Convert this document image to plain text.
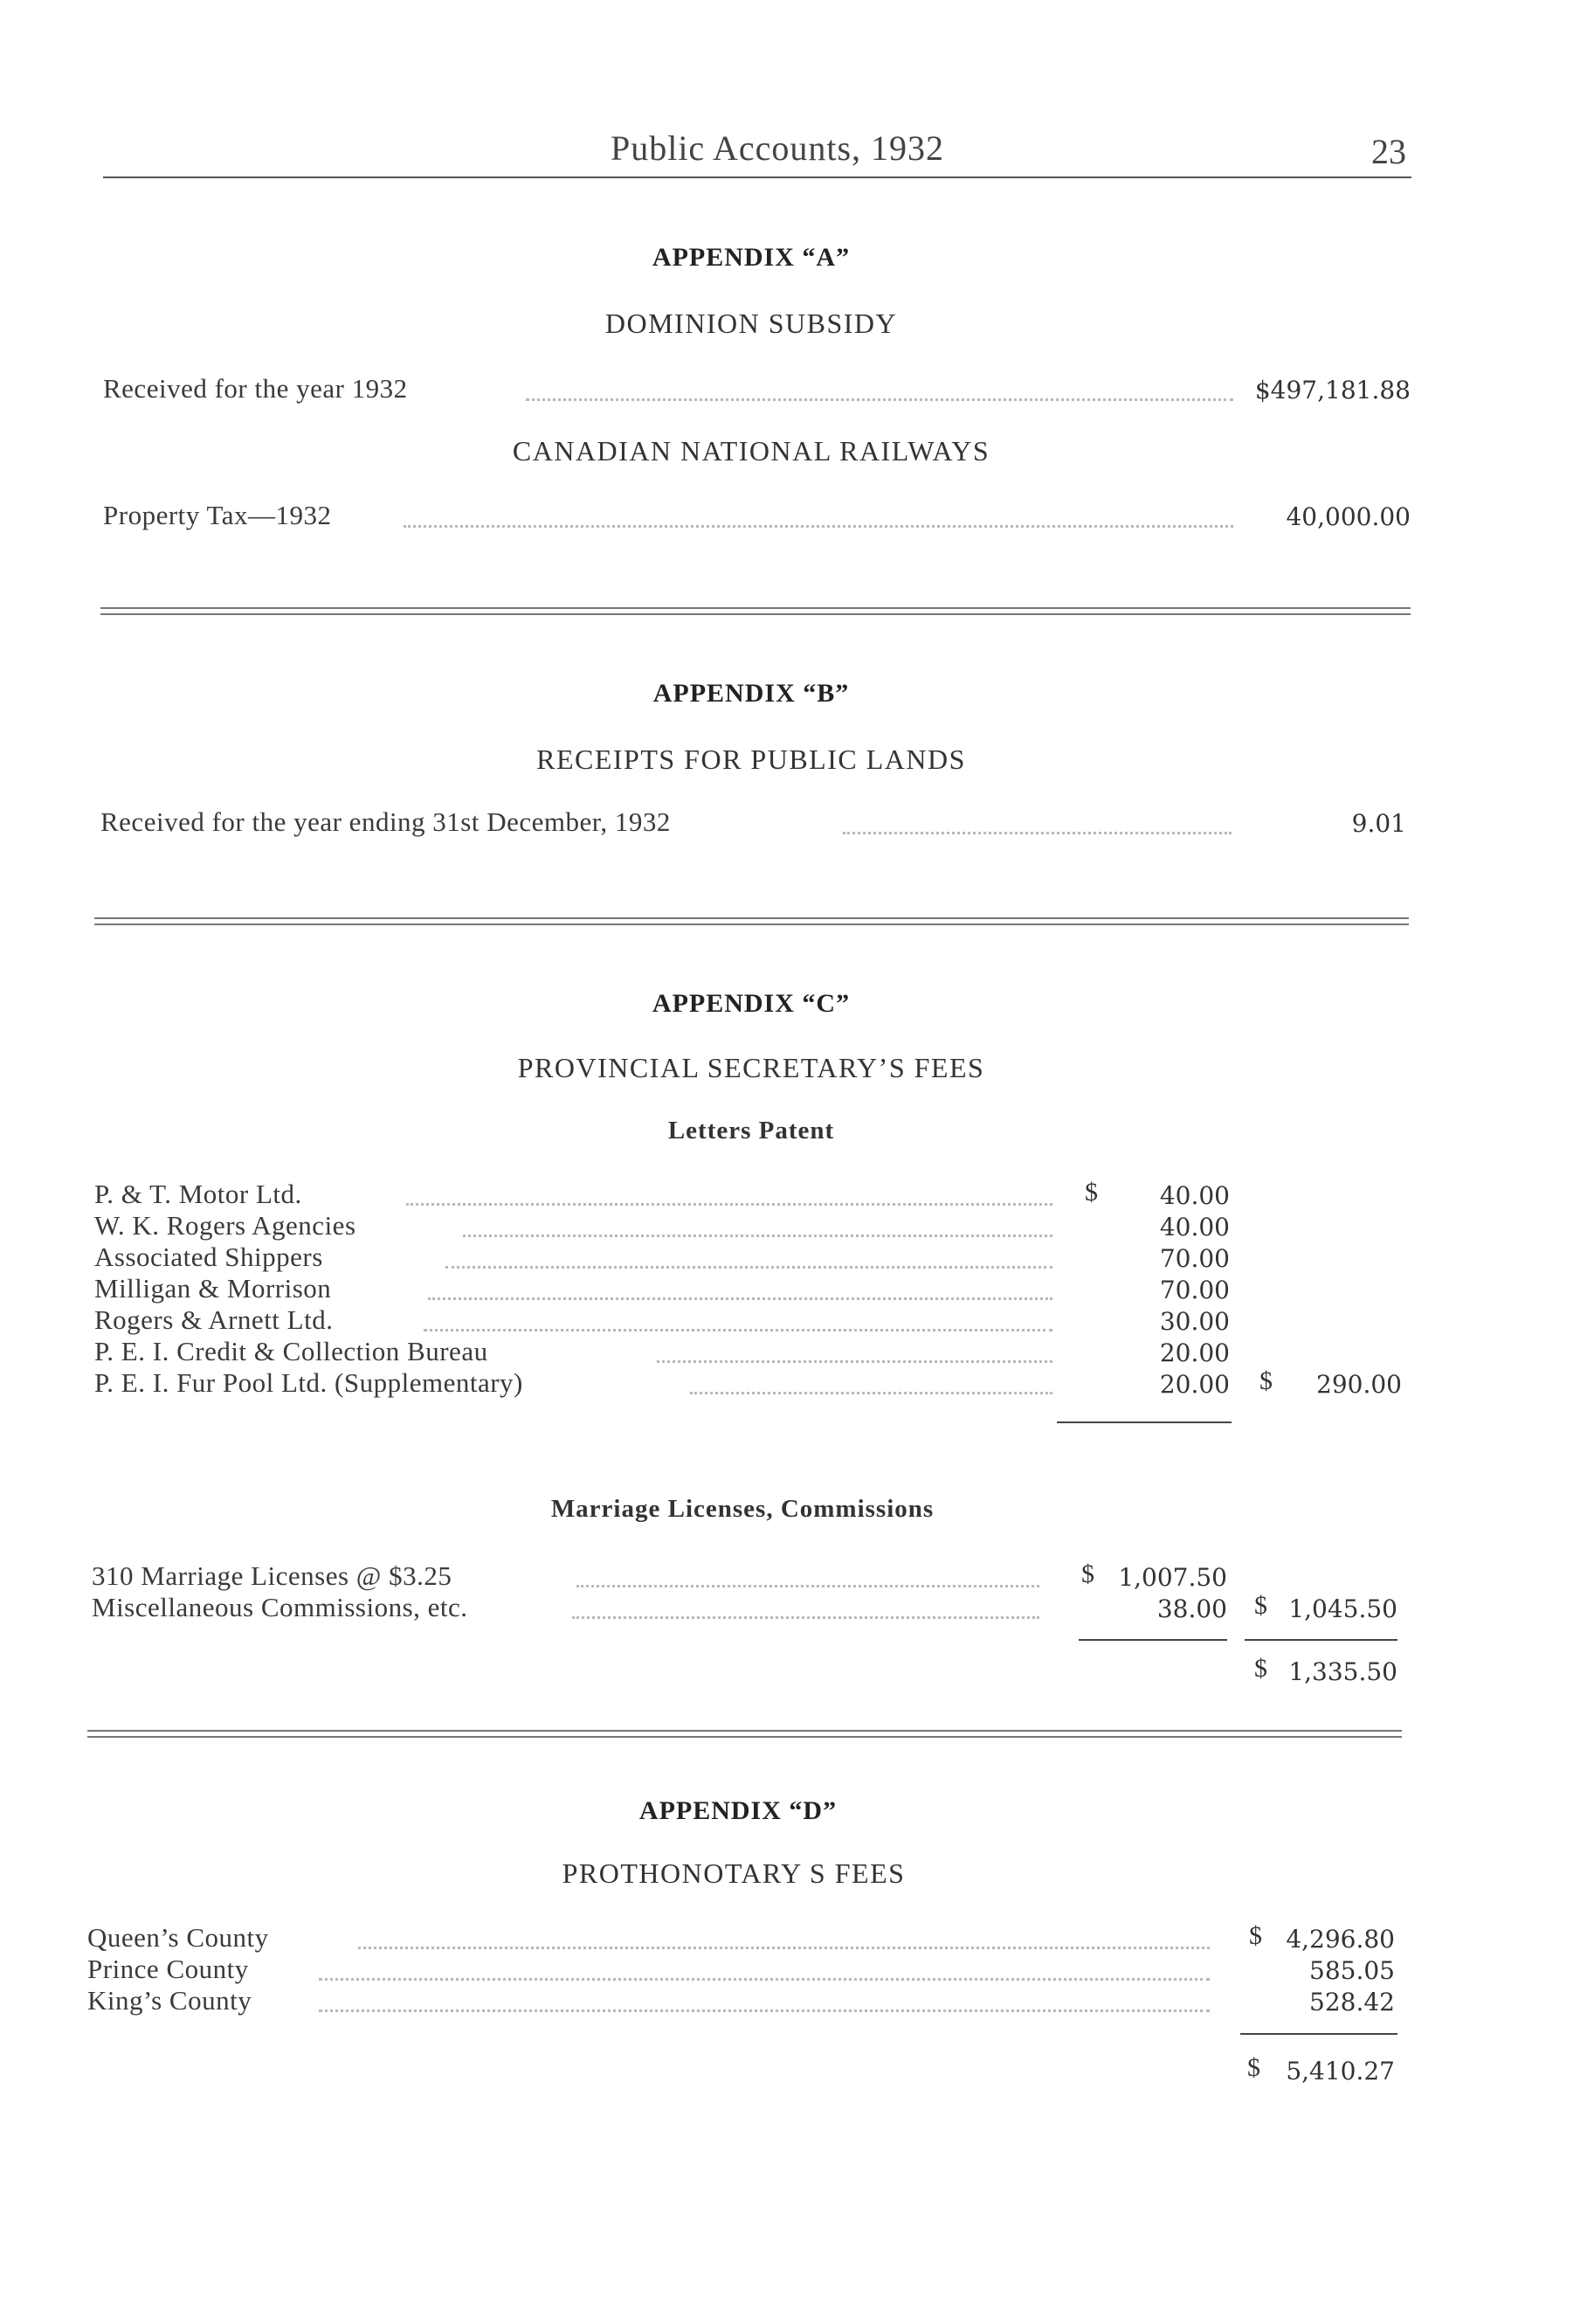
Public Accounts, 1932	23
APPENDIX “A”
DOMINION SUBSIDY
Received for the year 1932	$497,181.88
CANADIAN NATIONAL RAILWAYS
Property Tax—1932	40,000.00
APPENDIX “B”
RECEIPTS FOR PUBLIC LANDS
Received for the year ending 31st December, 1932	9.01
APPENDIX “C”
PROVINCIAL SECRETARY’S FEES
Letters Patent
P. & T. Motor Ltd.	$	40.00
W. K. Rogers Agencies	40.00
Associated Shippers	70.00
Milligan & Morrison	70.00
Rogers & Arnett Ltd.	30.00
P. E. I. Credit & Collection Bureau	20.00
P. E. I. Fur Pool Ltd. (Supplementary)	20.00 $	290.00
Marriage Licenses, Commissions
310 Marriage Licenses @ $3.25	$ 1,007.50
Miscellaneous Commissions, etc.	38.00 $ 1,045.50
$ 1,335.50
APPENDIX “D”
PROTHONOTARY S FEES
Queen’s County	$ 4,296.80
Prince County	585.05
King’s County	528.42
$	5,410.27
